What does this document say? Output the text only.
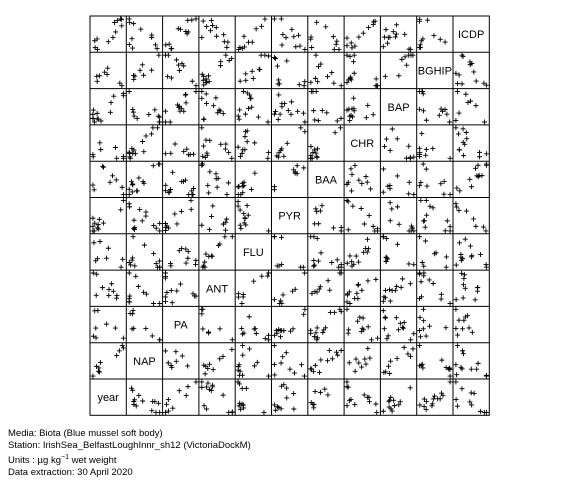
year
NAP
PA
ANT
FLU
PYR
BAA
CHR
BAP
BGHIP
ICDP
Media: Biota (Blue mussel soft body)
Station: IrishSea_BelfastLoughInnr_sh12 (VictoriaDockM)
Units : µg $kg^{-1}$ wet weight
Data extraction: 30 April 2020
